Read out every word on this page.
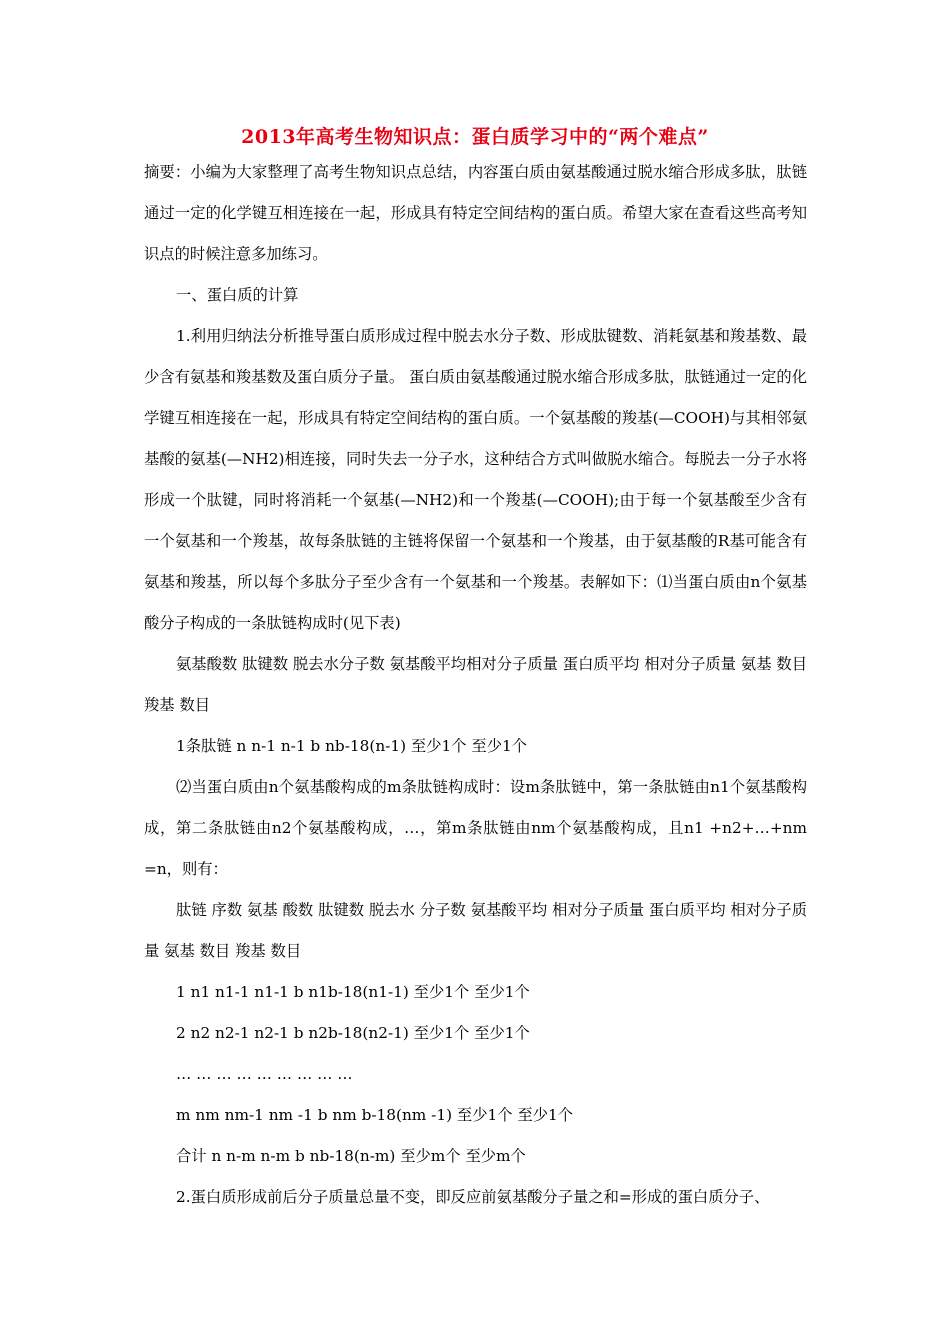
2013年高考生物知识点：蛋白质学习中的“两个难点”

摘要：小编为大家整理了高考生物知识点总结，内容蛋白质由氨基酸通过脱水缩合形成多肽，肽链通过一定的化学键互相连接在一起，形成具有特定空间结构的蛋白质。希望大家在查看这些高考知识点的时候注意多加练习。

一、蛋白质的计算

1.利用归纳法分析推导蛋白质形成过程中脱去水分子数、形成肽键数、消耗氨基和羧基数、最少含有氨基和羧基数及蛋白质分子量。 蛋白质由氨基酸通过脱水缩合形成多肽，肽链通过一定的化学键互相连接在一起，形成具有特定空间结构的蛋白质。一个氨基酸的羧基(—COOH)与其相邻氨基酸的氨基(—NH2)相连接，同时失去一分子水，这种结合方式叫做脱水缩合。每脱去一分子水将形成一个肽键，同时将消耗一个氨基(—NH2)和一个羧基(—COOH);由于每一个氨基酸至少含有一个氨基和一个羧基，故每条肽链的主链将保留一个氨基和一个羧基，由于氨基酸的R基可能含有氨基和羧基，所以每个多肽分子至少含有一个氨基和一个羧基。表解如下：⑴当蛋白质由n个氨基酸分子构成的一条肽链构成时(见下表)

氨基酸数 肽键数 脱去水分子数 氨基酸平均相对分子质量 蛋白质平均 相对分子质量 氨基 数目 羧基 数目

1条肽链 n n-1 n-1 b nb-18(n-1) 至少1个 至少1个

⑵当蛋白质由n个氨基酸构成的m条肽链构成时：设m条肽链中，第一条肽链由n1个氨基酸构成，第二条肽链由n2个氨基酸构成，…，第m条肽链由nm个氨基酸构成，且n1 +n2+…+nm =n，则有：

肽链 序数 氨基 酸数 肽键数 脱去水 分子数 氨基酸平均 相对分子质量 蛋白质平均 相对分子质量 氨基 数目 羧基 数目

1 n1 n1-1 n1-1 b n1b-18(n1-1) 至少1个 至少1个

2 n2 n2-1 n2-1 b n2b-18(n2-1) 至少1个 至少1个

… … … … … … … … …

m nm nm-1 nm -1 b nm b-18(nm -1) 至少1个 至少1个

合计 n n-m n-m b nb-18(n-m) 至少m个 至少m个

2.蛋白质形成前后分子质量总量不变，即反应前氨基酸分子量之和=形成的蛋白质分子、
